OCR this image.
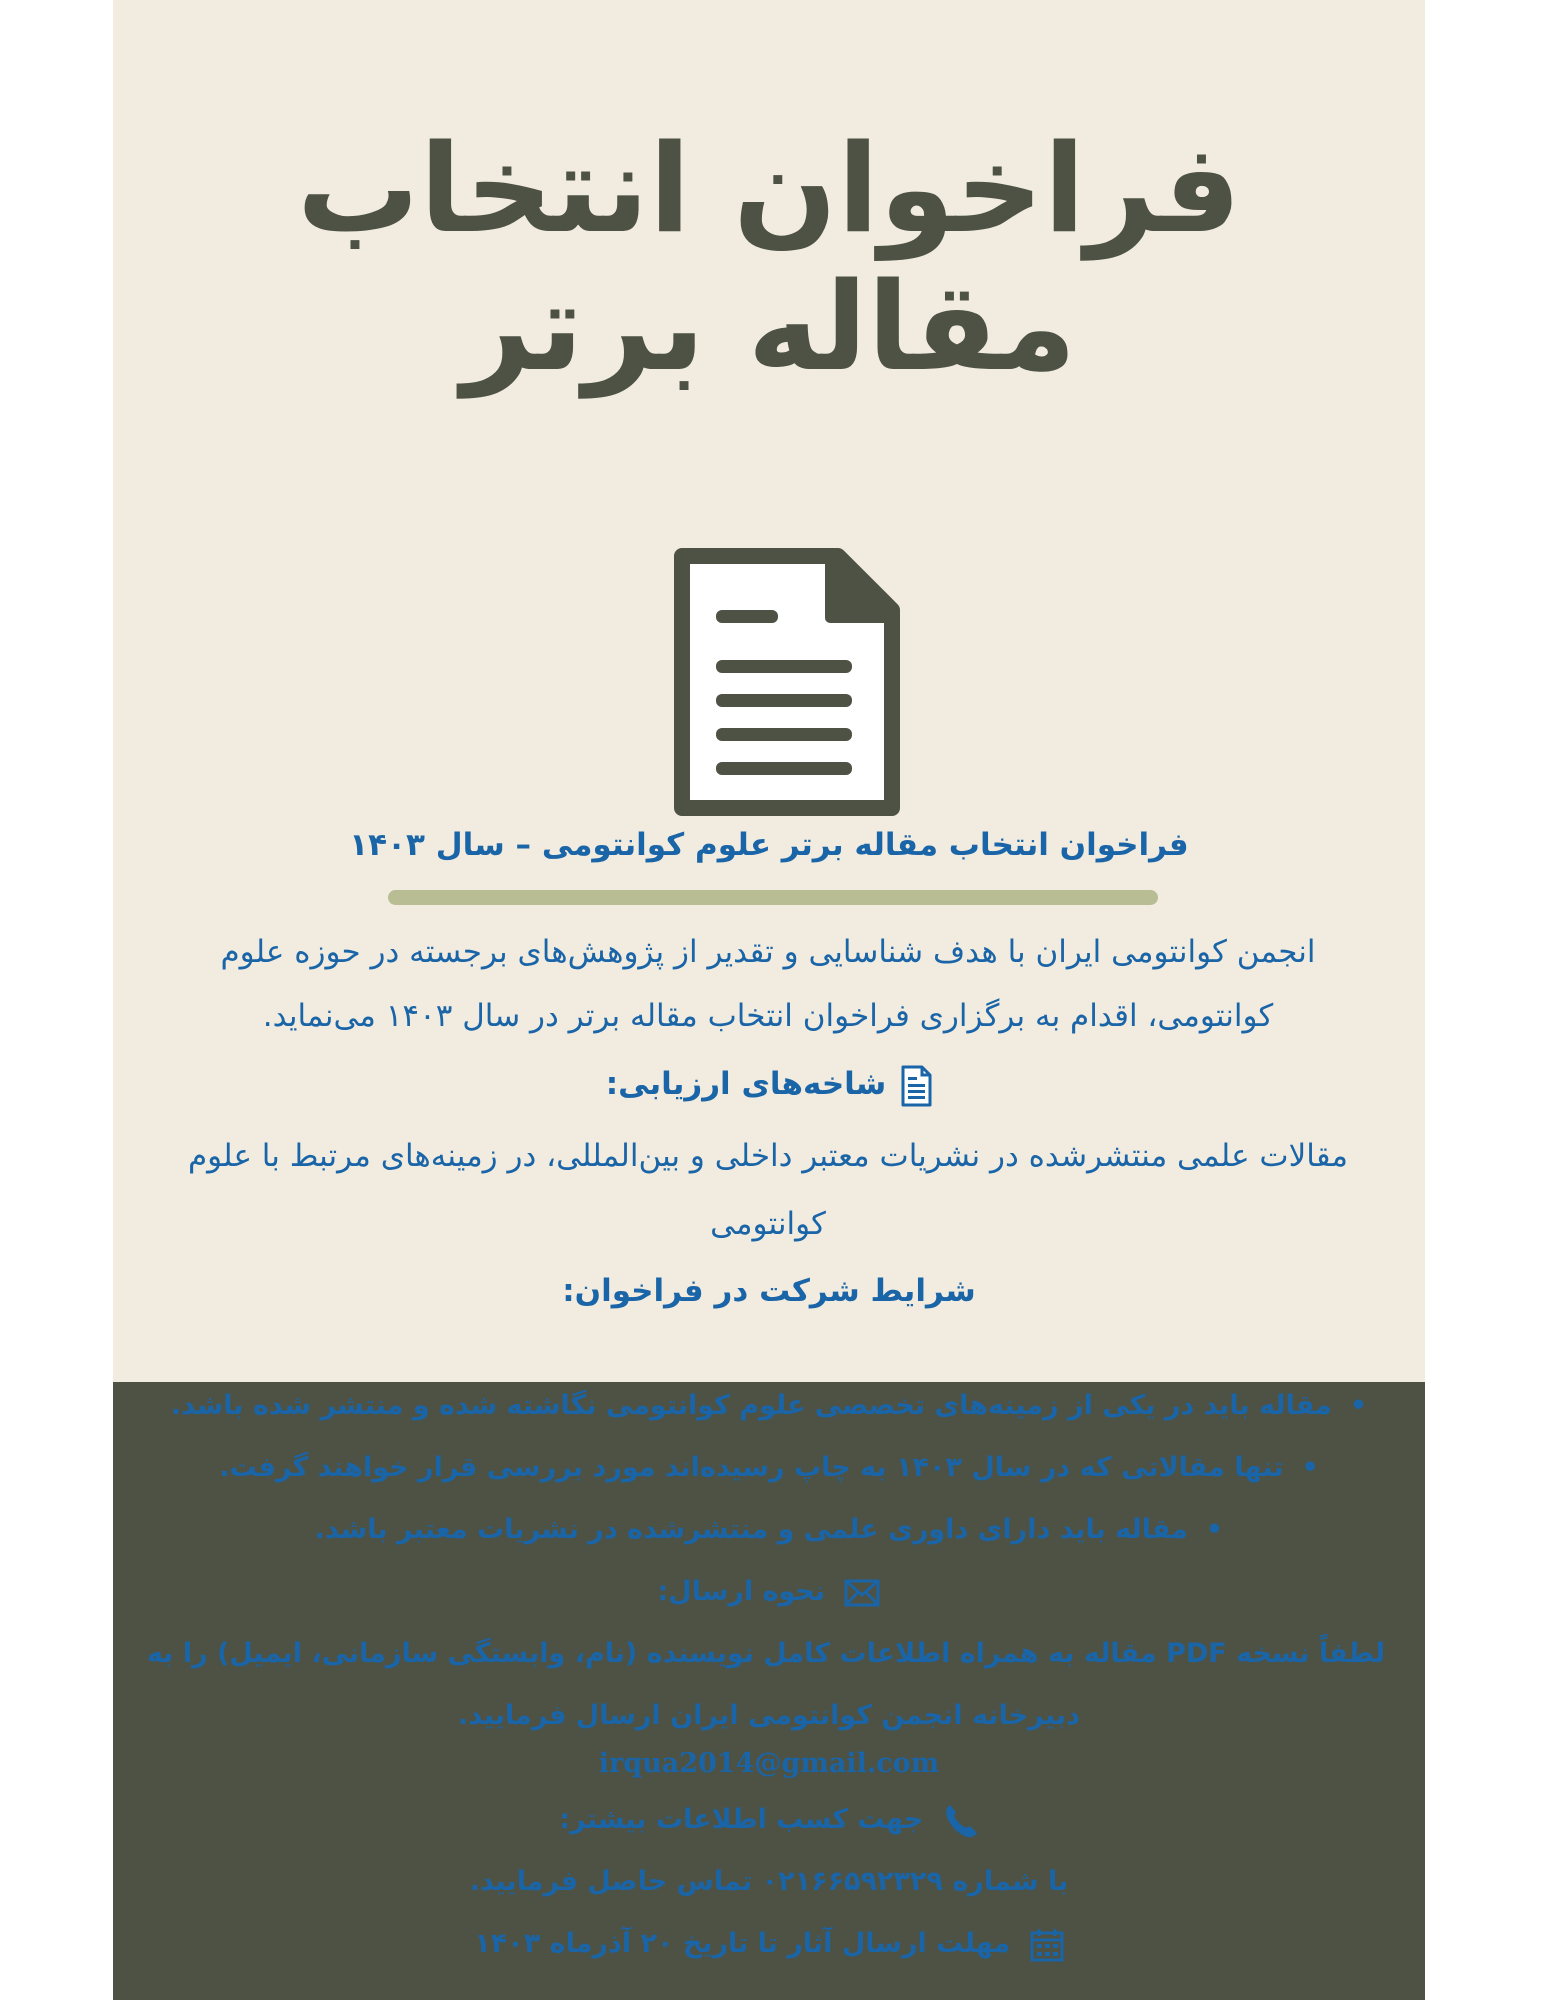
فراخوان انتخاب
مقاله برتر
فراخوان انتخاب مقاله برتر علوم کوانتومی – سال ۱۴۰۳
انجمن کوانتومی ایران با هدف شناسایی و تقدیر از پژوهش‌های برجسته در حوزه علوم کوانتومی، اقدام به برگزاری فراخوان انتخاب مقاله برتر در سال ۱۴۰۳ می‌نماید.
شاخه‌های ارزیابی:
مقالات علمی منتشرشده در نشریات معتبر داخلی و بین‌المللی، در زمینه‌های مرتبط با علوم کوانتومی
شرایط شرکت در فراخوان:
•مقاله باید در یکی از زمینه‌های تخصصی علوم کوانتومی نگاشته شده و منتشر شده باشد.
•تنها مقالاتی که در سال ۱۴۰۳ به چاپ رسیده‌اند مورد بررسی قرار خواهند گرفت.
•مقاله باید دارای داوری علمی و منتشرشده در نشریات معتبر باشد.
نحوه ارسال:
لطفاً نسخه PDF مقاله به همراه اطلاعات کامل نویسنده (نام، وابستگی سازمانی، ایمیل) را به
دبیرخانه انجمن کوانتومی ایران ارسال فرمایید.
irqua2014@gmail.com
جهت کسب اطلاعات بیشتر:
با شماره ۰۲۱۶۶۵۹۲۳۲۹ تماس حاصل فرمایید.
مهلت ارسال آثار تا تاریخ ۲۰ آذرماه ۱۴۰۳
